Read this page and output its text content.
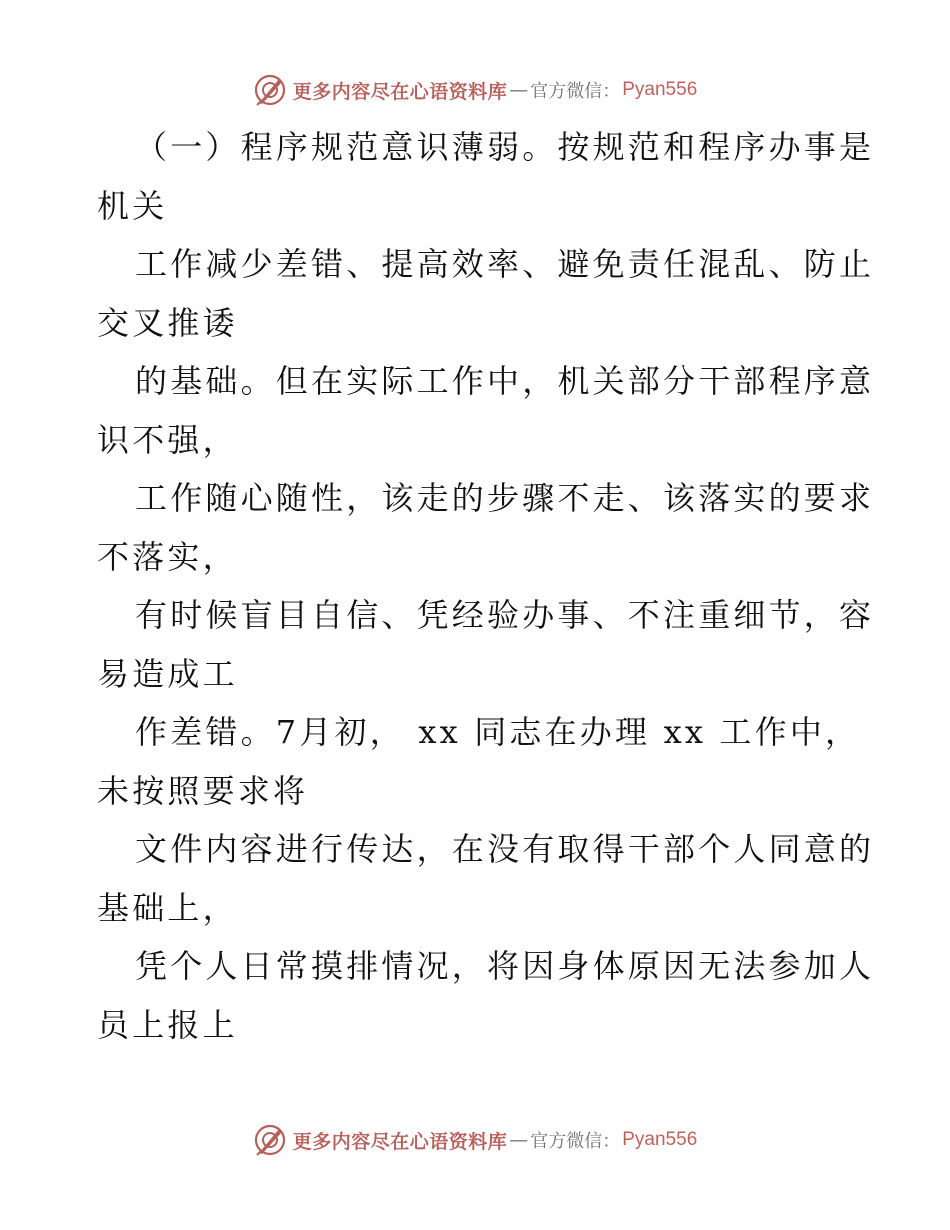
更多内容尽在心语资料库 — 官方微信： Pyan556

（一）程序规范意识薄弱。按规范和程序办事是
机关

工作减少差错、提高效率、避免责任混乱、防止
交叉推诿

的基础。但在实际工作中，机关部分干部程序意
识不强，

工作随心随性，该走的步骤不走、该落实的要求
不落实，

有时候盲目自信、凭经验办事、不注重细节，容
易造成工

作差错。7月初， xx 同志在办理 xx 工作中，
未按照要求将

文件内容进行传达，在没有取得干部个人同意的
基础上，

凭个人日常摸排情况，将因身体原因无法参加人
员上报上

更多内容尽在心语资料库 — 官方微信： Pyan556
